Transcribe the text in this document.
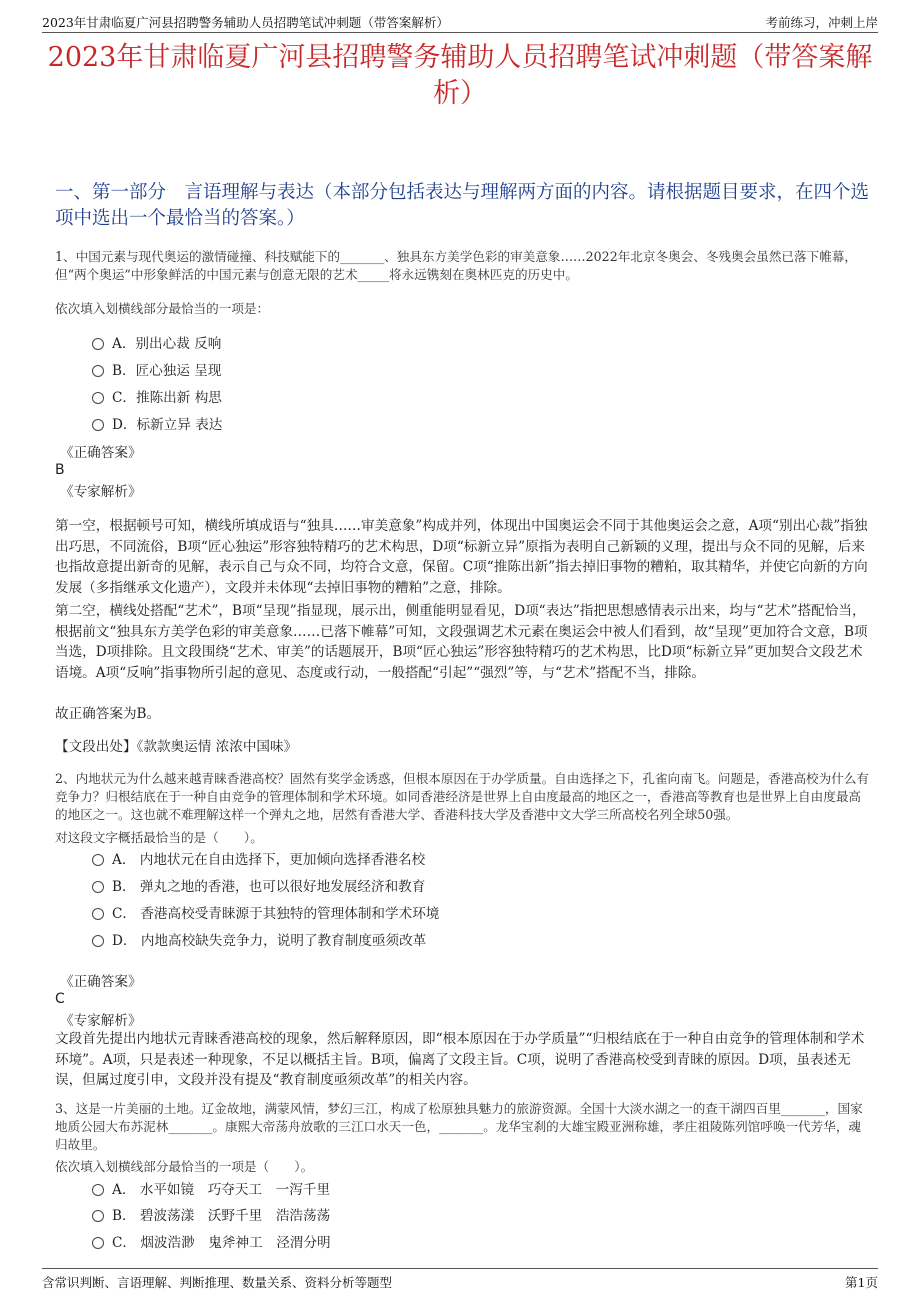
2023年甘肃临夏广河县招聘警务辅助人员招聘笔试冲刺题（带答案解析）	考前练习，冲刺上岸
2023年甘肃临夏广河县招聘警务辅助人员招聘笔试冲刺题（带答案解析）
一、第一部分　言语理解与表达（本部分包括表达与理解两方面的内容。请根据题目要求，在四个选项中选出一个最恰当的答案。）
1、中国元素与现代奥运的激情碰撞、科技赋能下的_______、独具东方美学色彩的审美意象……2022年北京冬奥会、冬残奥会虽然已落下帷幕，但“两个奥运”中形象鲜活的中国元素与创意无限的艺术_____将永远镌刻在奥林匹克的历史中。
依次填入划横线部分最恰当的一项是：
A．别出心裁 反响
B．匠心独运 呈现
C．推陈出新 构思
D．标新立异 表达
《正确答案》
B
《专家解析》
第一空，根据顿号可知，横线所填成语与“独具……审美意象”构成并列，体现出中国奥运会不同于其他奥运会之意，A项“别出心裁”指独出巧思，不同流俗，B项“匠心独运”形容独特精巧的艺术构思，D项“标新立异”原指为表明自己新颖的义理，提出与众不同的见解，后来也指故意提出新奇的见解，表示自己与众不同，均符合文意，保留。C项“推陈出新”指去掉旧事物的糟粕，取其精华，并使它向新的方向发展（多指继承文化遗产），文段并未体现“去掉旧事物的糟粕”之意，排除。
第二空，横线处搭配“艺术”，B项“呈现”指显现，展示出，侧重能明显看见，D项“表达”指把思想感情表示出来，均与“艺术”搭配恰当，根据前文“独具东方美学色彩的审美意象……已落下帷幕”可知，文段强调艺术元素在奥运会中被人们看到，故“呈现”更加符合文意，B项当选，D项排除。且文段围绕“艺术、审美”的话题展开，B项“匠心独运”形容独特精巧的艺术构思，比D项“标新立异”更加契合文段艺术语境。A项“反响”指事物所引起的意见、态度或行动，一般搭配“引起”“强烈”等，与“艺术”搭配不当，排除。
故正确答案为B。
【文段出处】《款款奥运情 浓浓中国味》
2、内地状元为什么越来越青睐香港高校？固然有奖学金诱惑，但根本原因在于办学质量。自由选择之下，孔雀向南飞。问题是，香港高校为什么有竞争力？归根结底在于一种自由竞争的管理体制和学术环境。如同香港经济是世界上自由度最高的地区之一，香港高等教育也是世界上自由度最高的地区之一。这也就不难理解这样一个弹丸之地，居然有香港大学、香港科技大学及香港中文大学三所高校名列全球50强。
对这段文字概括最恰当的是（　　）。
A． 内地状元在自由选择下，更加倾向选择香港名校
B． 弹丸之地的香港，也可以很好地发展经济和教育
C． 香港高校受青睐源于其独特的管理体制和学术环境
D． 内地高校缺失竞争力，说明了教育制度亟须改革
《正确答案》
C
《专家解析》
文段首先提出内地状元青睐香港高校的现象，然后解释原因，即“根本原因在于办学质量”“归根结底在于一种自由竞争的管理体制和学术环境”。A项，只是表述一种现象，不足以概括主旨。B项，偏离了文段主旨。C项，说明了香港高校受到青睐的原因。D项，虽表述无误，但属过度引申，文段并没有提及“教育制度亟须改革”的相关内容。
3、这是一片美丽的土地。辽金故地，满蒙风情，梦幻三江，构成了松原独具魅力的旅游资源。全国十大淡水湖之一的查干湖四百里_______，国家地质公园大布苏泥林_______。康熙大帝荡舟放歌的三江口水天一色，_______。龙华宝刹的大雄宝殿亚洲称雄，孝庄祖陵陈列馆呼唤一代芳华，魂归故里。
依次填入划横线部分最恰当的一项是（　　）。
A． 水平如镜　巧夺天工　一泻千里
B． 碧波荡漾　沃野千里　浩浩荡荡
C． 烟波浩渺　鬼斧神工　泾渭分明
含常识判断、言语理解、判断推理、数量关系、资料分析等题型	第1页
